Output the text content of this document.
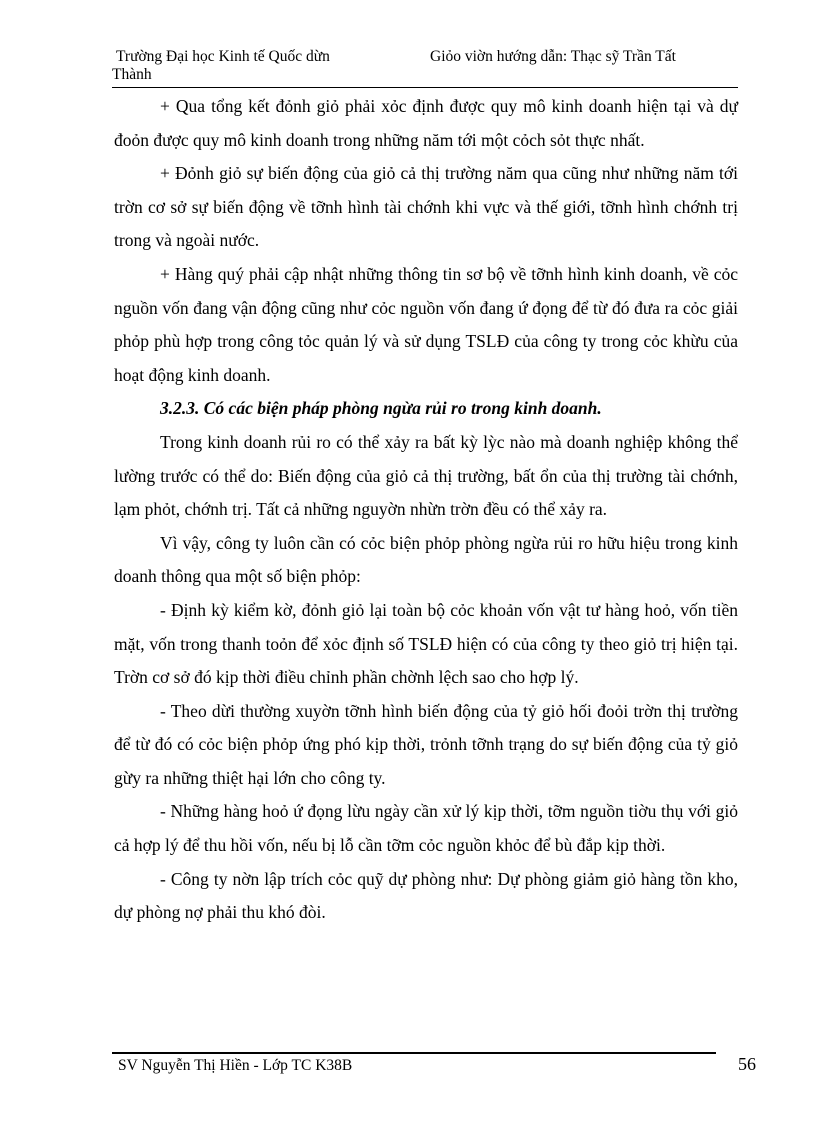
Trường Đại học Kinh tế Quốc dừn	Giỏo viờn hướng dẫn: Thạc sỹ Trần Tất
Thành

+ Qua tổng kết đỏnh giỏ phải xỏc định được quy mô kinh doanh hiện tại và dự đoỏn được quy mô kinh doanh trong những năm tới một cỏch sỏt thực nhất.

+ Đỏnh giỏ sự biến động của giỏ cả thị trường năm qua cũng như những năm tới trờn cơ sở sự biến động về tỡnh hình tài chớnh khi vực và thế giới, tỡnh hình chớnh trị trong và ngoài nước.

+ Hàng quý phải cập nhật những thông tin sơ bộ về tỡnh hình kinh doanh, về cỏc nguồn vốn đang vận động cũng như cỏc nguồn vốn đang ứ đọng để từ đó đưa ra cỏc giải phỏp phù hợp trong công tỏc quản lý và sử dụng TSLĐ của công ty trong cỏc khừu của hoạt động kinh doanh.

3.2.3. Có các biện pháp phòng ngừa rủi ro trong kinh doanh.

Trong kinh doanh rủi ro có thể xảy ra bất kỳ lỳc nào mà doanh nghiệp không thể lường trước có thể do: Biến động của giỏ cả thị trường, bất ổn của thị trường tài chớnh, lạm phỏt, chớnh trị. Tất cả những nguyờn nhừn trờn đều có thể xảy ra.

Vì vậy, công ty luôn cần có cỏc biện phỏp phòng ngừa rủi ro hữu hiệu trong kinh doanh thông qua một số biện phỏp:

- Định kỳ kiểm kờ, đỏnh giỏ lại toàn bộ cỏc khoản vốn vật tư hàng hoỏ, vốn tiền mặt, vốn trong thanh toỏn để xỏc định số TSLĐ hiện có của công ty theo giỏ trị hiện tại. Trờn cơ sở đó kịp thời điều chỉnh phần chờnh lệch sao cho hợp lý.

- Theo dừi thường xuyờn tỡnh hình biến động của tỷ giỏ hối đoỏi trờn thị trường để từ đó có cỏc biện phỏp ứng phó kịp thời, trỏnh tỡnh trạng do sự biến động của tỷ giỏ gừy ra những thiệt hại lớn cho công ty.

- Những hàng hoỏ ứ đọng lừu ngày cần xử lý kịp thời, tỡm nguồn tiờu thụ với giỏ cả hợp lý để thu hồi vốn, nếu bị lỗ cần tỡm cỏc nguồn khỏc để bù đắp kịp thời.

- Công ty nờn lập trích cỏc quỹ dự phòng như: Dự phòng giảm giỏ hàng tồn kho, dự phòng nợ phải thu khó đòi.

SV Nguyễn Thị Hiền - Lớp TC K38B	56
